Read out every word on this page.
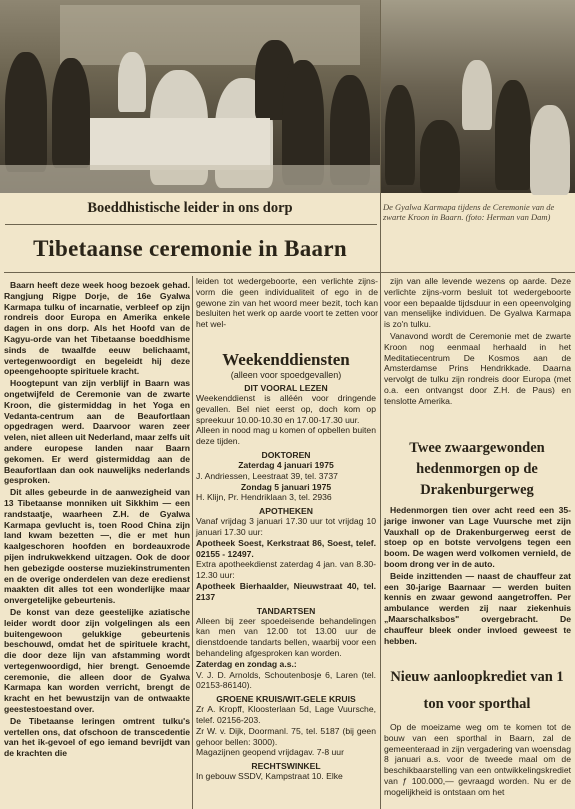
De Gyalwa Karmapa tijdens de Ceremonie van de zwarte Kroon in Baarn. (foto: Herman van Dam)
Boeddhistische leider in ons dorp
Tibetaanse ceremonie in Baarn

Baarn heeft deze week hoog bezoek gehad. Rangjung Rigpe Dorje, de 16e Gyalwa Karmapa tulku of incarnatie, verbleef op zijn rondreis door Europa en Amerika enkele dagen in ons dorp. Als het Hoofd van de Kagyu-orde van het Tibetaanse boeddhisme sinds de twaalfde eeuw belichaamt, vertegenwoordigt en begeleidt hij deze opeengehoopte spirituele kracht.

Hoogtepunt van zijn verblijf in Baarn was ongetwijfeld de Ceremonie van de zwarte Kroon, die gistermiddag in het Yoga en Vedanta-centrum aan de Beaufortlaan opgedragen werd. Daarvoor waren zeer velen, niet alleen uit Nederland, maar zelfs uit andere europese landen naar Baarn gekomen. Er werd gistermiddag aan de Beaufortlaan dan ook nauwelijks nederlands gesproken.

Dit alles gebeurde in de aanwezigheid van 13 Tibetaanse monniken uit Sikkhim — een randstaatje, waarheen Z.H. de Gyalwa Karmapa gevlucht is, toen Rood China zijn land kwam bezetten —, die er met hun kaalgeschoren hoofden en bordeauxrode pijen indrukwekkend uitzagen. Ook de door hen gebezigde oosterse muziekinstrumenten en de overige onderdelen van deze eredienst maakten dit alles tot een wonderlijke maar onvergetelijke gebeurtenis.

De konst van deze geestelijke aziatische leider wordt door zijn volgelingen als een buitengewoon gelukkige gebeurtenis beschouwd, omdat het de spirituele kracht, die door deze lijn van afstamming wordt vertegenwoordigd, hier brengt. Genoemde ceremonie, die alleen door de Gyalwa Karmapa kan worden verricht, brengt de kracht en het bewustzijn van de ontwaakte geestestoestand over.

De Tibetaanse leringen omtrent tulku's vertellen ons, dat ofschoon de transcedentie van het ik-gevoel of ego iemand bevrijdt van de krachten die

leiden tot wedergeboorte, een verlichte zijns-vorm die geen individualiteit of ego in de gewone zin van het woord meer bezit, toch kan besluiten het werk op aarde voort te zetten voor het wel-
Weekenddiensten
(alleen voor spoedgevallen)
DIT VOORAL LEZEN

Weekenddienst is alléén voor dringende gevallen. Bel niet eerst op, doch kom op spreekuur 10.00-10.30 en 17.00-17.30 uur.

Alleen in nood mag u komen of opbellen buiten deze tijden.

DOKTOREN

Zaterdag 4 januari 1975

J. Andriessen, Leestraat 39, tel. 3737

Zondag 5 januari 1975

H. Klijn, Pr. Hendriklaan 3, tel. 2936

APOTHEKEN

Vanaf vrijdag 3 januari 17.30 uur tot vrijdag 10 januari 17.30 uur:

Apotheek Soest, Kerkstraat 86, Soest, telef. 02155 - 12497.

Extra apotheekdienst zaterdag 4 jan. van 8.30-12.30 uur:

Apotheek Bierhaalder, Nieuwstraat 40, tel. 2137

TANDARTSEN

Alleen bij zeer spoedeisende behandelingen kan men van 12.00 tot 13.00 uur de dienstdoende tandarts bellen, waarbij voor een behandeling afgesproken kan worden.

Zaterdag en zondag a.s.:

V. J. D. Arnolds, Schoutenbosje 6, Laren (tel. 02153-86140).

GROENE KRUIS/WIT-GELE KRUIS

Zr A. Kropff, Kloosterlaan 5d, Lage Vuursche, telef. 02156-203.

Zr W. v. Dijk, Doormanl. 75, tel. 5187 (bij geen gehoor bellen: 3000).

Magazijnen geopend vrijdagav. 7-8 uur

RECHTSWINKEL

In gebouw SSDV, Kampstraat 10. Elke

zijn van alle levende wezens op aarde. Deze verlichte zijns-vorm besluit tot wedergeboorte voor een bepaalde tijdsduur in een opeenvolging van menselijke individuen. De Gyalwa Karmapa is zo'n tulku.

Vanavond wordt de Ceremonie met de zwarte Kroon nog eenmaal herhaald in het Meditatiecentrum De Kosmos aan de Amsterdamse Prins Hendrikkade. Daarna vervolgt de tulku zijn rondreis door Europa (met o.a. een ontvangst door Z.H. de Paus) en tenslotte Amerika.

Twee zwaargewonden hedenmorgen op de Drakenburgerweg

Hedenmorgen tien over acht reed een 35-jarige inwoner van Lage Vuursche met zijn Vauxhall op de Drakenburgerweg eerst de stoep op en botste vervolgens tegen een boom. De wagen werd volkomen vernield, de boom drong ver in de auto.

Beide inzittenden — naast de chauffeur zat een 30-jarige Baarnaar — werden buiten kennis en zwaar gewond aangetroffen. Per ambulance werden zij naar ziekenhuis „Maarschalksbos" overgebracht. De chauffeur bleek onder invloed geweest te hebben.

Nieuw aanloopkrediet van 1 ton voor sporthal

Op de moeizame weg om te komen tot de bouw van een sporthal in Baarn, zal de gemeenteraad in zijn vergadering van woensdag 8 januari a.s. voor de tweede maal om de beschikbaarstelling van een ontwikkelingskrediet van ƒ 100.000,— gevraagd worden. Nu er de mogelijkheid is ontstaan om het
